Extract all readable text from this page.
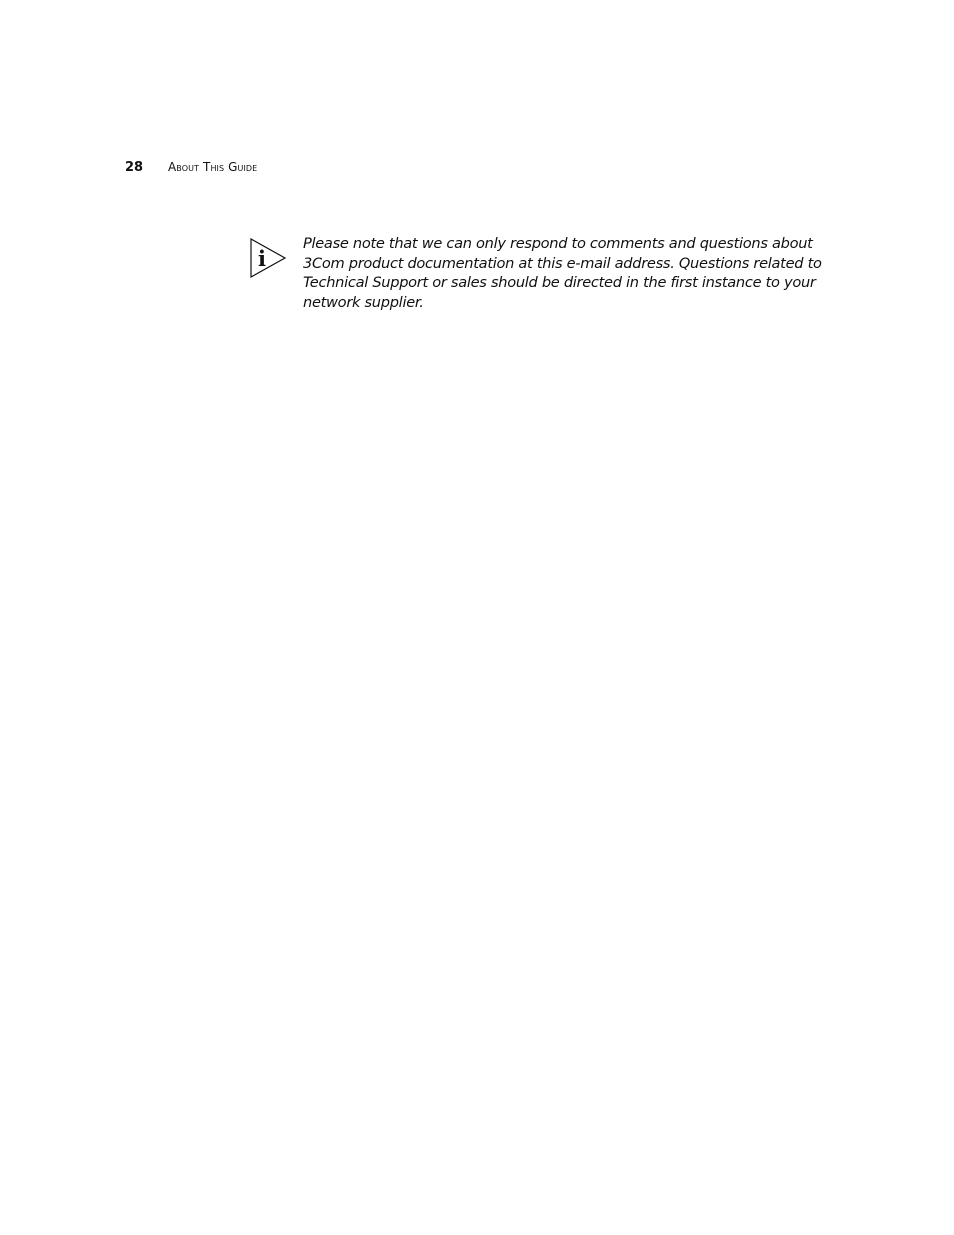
28	About This Guide
i

Please note that we can only respond to comments and questions about 3Com product documentation at this e-mail address. Questions related to Technical Support or sales should be directed in the first instance to your network supplier.
